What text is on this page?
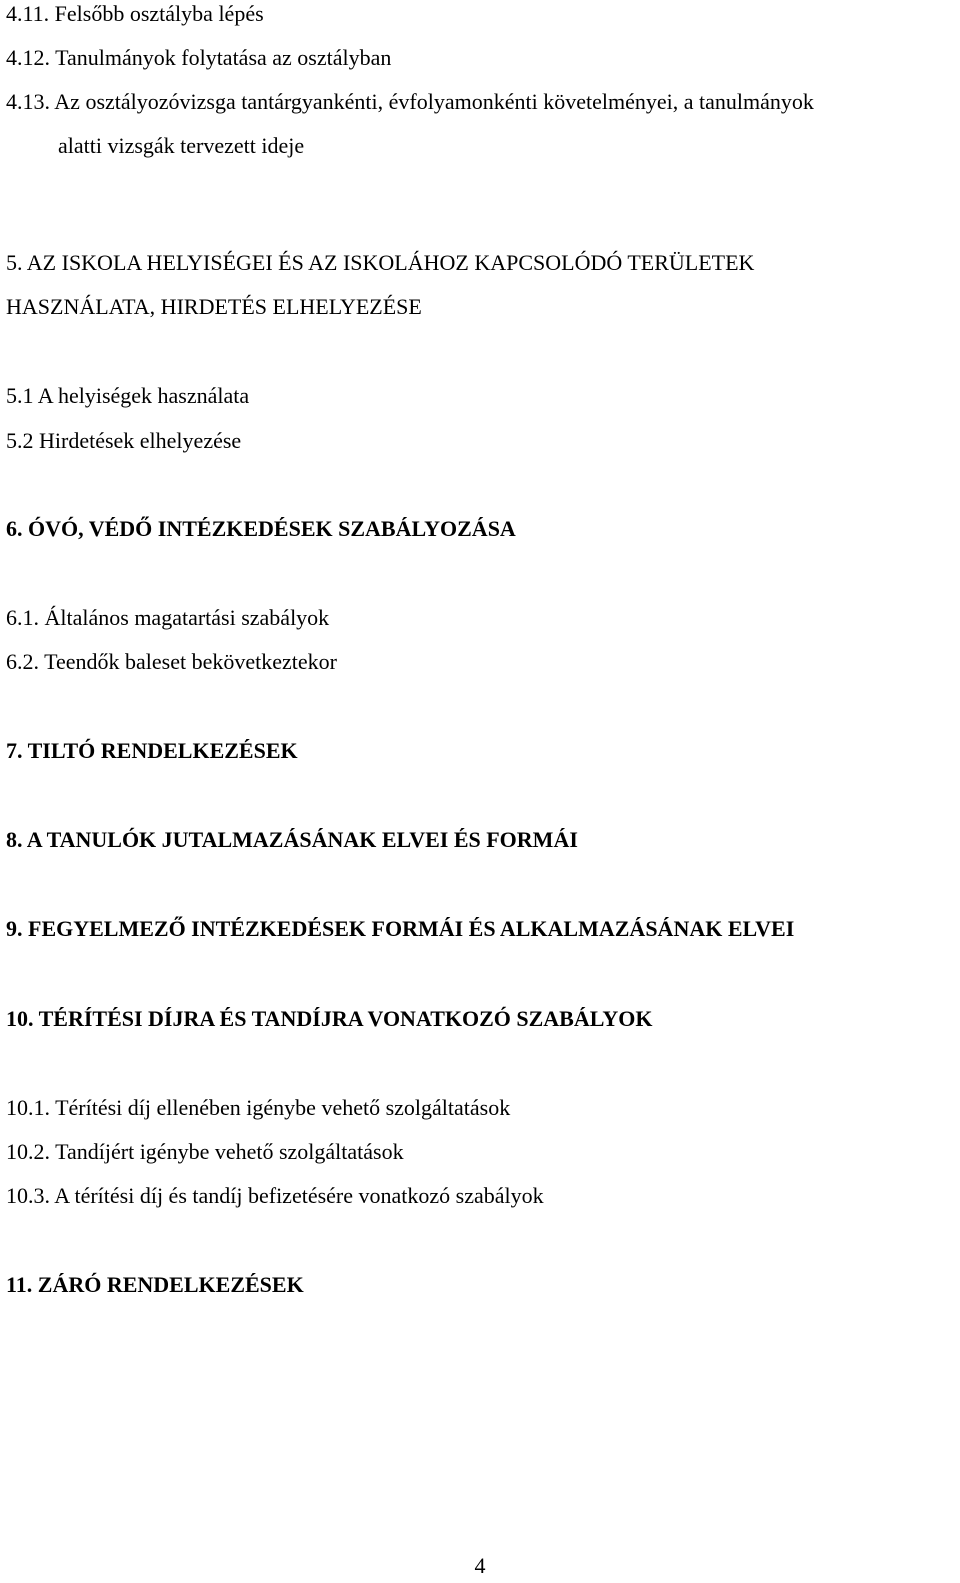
4.11. Felsőbb osztályba lépés
4.12. Tanulmányok folytatása az osztályban
4.13. Az osztályozóvizsga tantárgyankénti, évfolyamonkénti követelményei, a tanulmányok
alatti vizsgák tervezett ideje
5. AZ ISKOLA HELYISÉGEI ÉS AZ ISKOLÁHOZ KAPCSOLÓDÓ TERÜLETEK
HASZNÁLATA, HIRDETÉS ELHELYEZÉSE
5.1 A helyiségek használata
5.2 Hirdetések elhelyezése
6. ÓVÓ, VÉDŐ INTÉZKEDÉSEK SZABÁLYOZÁSA
6.1. Általános magatartási szabályok
6.2. Teendők baleset bekövetkeztekor
7. TILTÓ RENDELKEZÉSEK
8. A TANULÓK JUTALMAZÁSÁNAK ELVEI ÉS FORMÁI
9. FEGYELMEZŐ INTÉZKEDÉSEK FORMÁI ÉS ALKALMAZÁSÁNAK ELVEI
10. TÉRÍTÉSI DÍJRA ÉS TANDÍJRA VONATKOZÓ SZABÁLYOK
10.1. Térítési díj ellenében igénybe vehető szolgáltatások
10.2. Tandíjért igénybe vehető szolgáltatások
10.3. A térítési díj és tandíj befizetésére vonatkozó szabályok
11. ZÁRÓ RENDELKEZÉSEK
4
